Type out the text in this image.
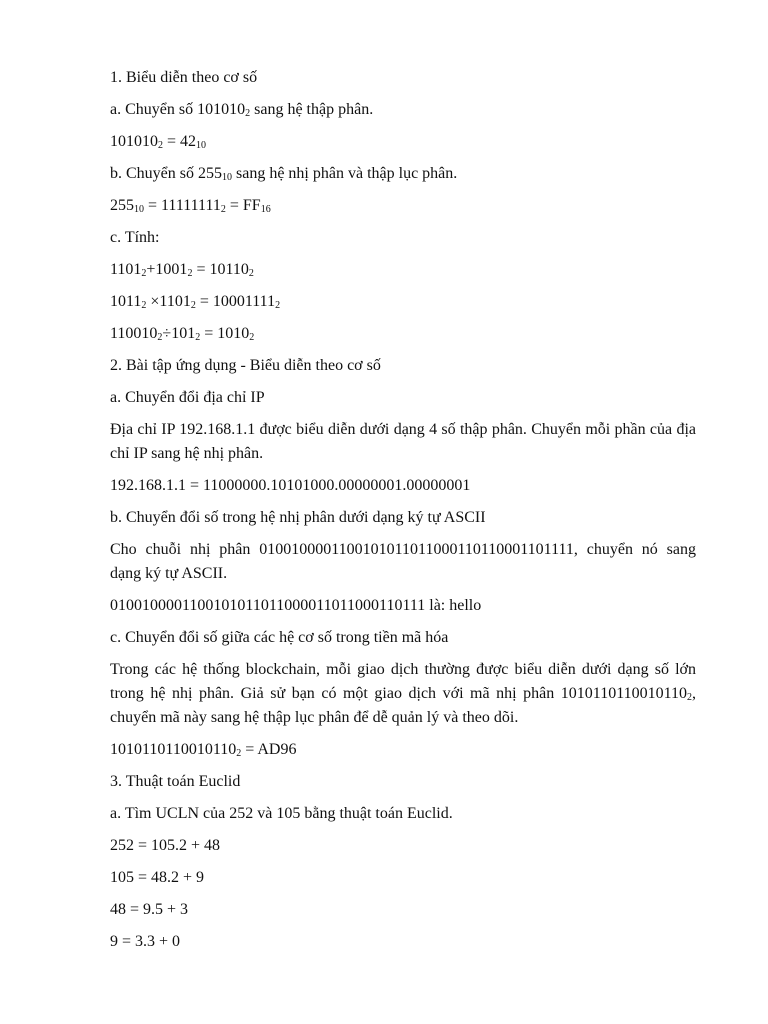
1. Biểu diễn theo cơ số

a. Chuyển số $101010_2$ sang hệ thập phân.

$101010_2 = 42_{10}$

b. Chuyển số $255_{10}$ sang hệ nhị phân và thập lục phân.

$255_{10} = 11111111_2 = FF_{16}$

c. Tính:

$1101_2+1001_2 = 10110_2$

$1011_2 \times 1101_2 = 10001111_2$

$110010_2\div 101_2 = 1010_2$

2. Bài tập ứng dụng - Biểu diễn theo cơ số

a. Chuyển đổi địa chỉ IP

Địa chỉ IP 192.168.1.1 được biểu diễn dưới dạng 4 số thập phân. Chuyển mỗi phần của địa chỉ IP sang hệ nhị phân.

192.168.1.1 = 11000000.10101000.00000001.00000001

b. Chuyển đổi số trong hệ nhị phân dưới dạng ký tự ASCII

Cho chuỗi nhị phân 0100100001100101011011000110110001101111, chuyển nó sang dạng ký tự ASCII.

0100100001100101011011000011011000110111 là: hello

c. Chuyển đổi số giữa các hệ cơ số trong tiền mã hóa

Trong các hệ thống blockchain, mỗi giao dịch thường được biểu diễn dưới dạng số lớn trong hệ nhị phân. Giả sử bạn có một giao dịch với mã nhị phân $1010110110010110_2$, chuyển mã này sang hệ thập lục phân để dễ quản lý và theo dõi.

$1010110110010110_2 = AD96$

3. Thuật toán Euclid

a. Tìm UCLN của 252 và 105 bằng thuật toán Euclid.

252 = 105.2 + 48

105 = 48.2 + 9

48 = 9.5 + 3

9 = 3.3 + 0
